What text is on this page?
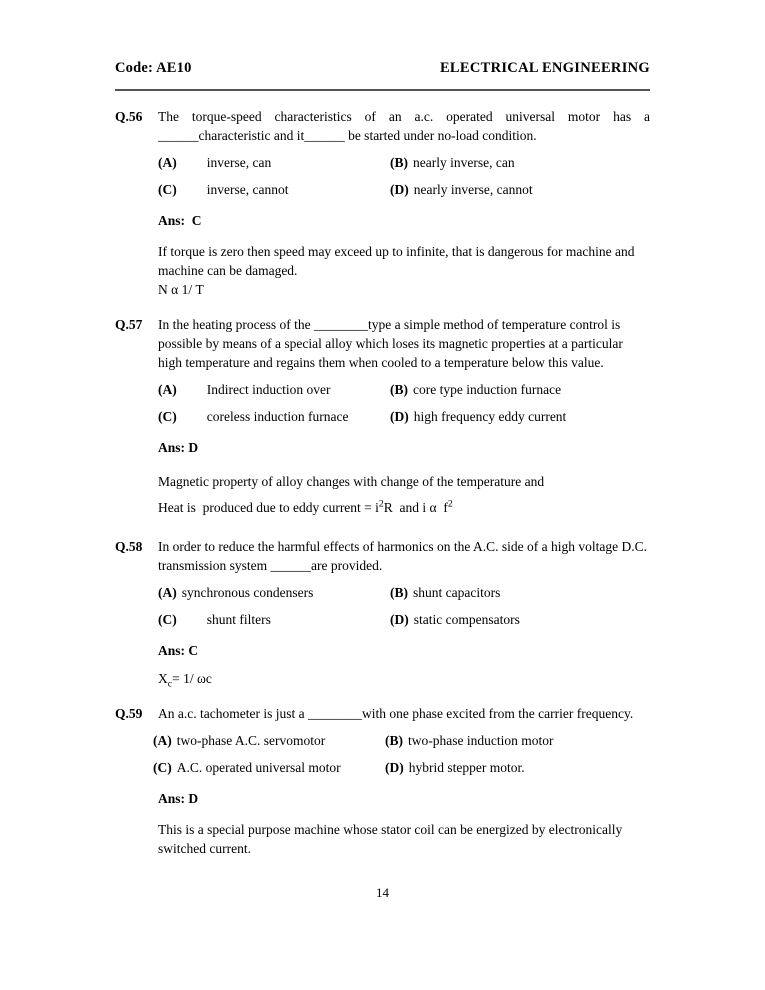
Code: AE10	ELECTRICAL ENGINEERING
Q.56	The torque-speed characteristics of an a.c. operated universal motor has a ______characteristic and it______ be started under no-load condition.
(A) inverse, can	(B) nearly inverse, can
(C) inverse, cannot	(D) nearly inverse, cannot
Ans:  C
If torque is zero then speed may exceed up to infinite, that is dangerous for machine and machine can be damaged.
N α 1/ T
Q.57	In the heating process of the ________type a simple method of temperature control is possible by means of a special alloy which loses its magnetic properties at a particular high temperature and regains them when cooled to a temperature below this value.
(A) Indirect induction over	(B) core type induction furnace
(C) coreless induction furnace	(D) high frequency eddy current
Ans: D
Magnetic property of alloy changes with change of the temperature and
Heat is  produced due to eddy current = $i^2R$  and i α  $f^2$
Q.58	In order to reduce the harmful effects of harmonics on the A.C. side of a high voltage D.C. transmission system ______are provided.
(A) synchronous condensers	(B) shunt capacitors
(C) shunt filters	(D) static compensators
Ans: C
$X_c= 1/$ ωc
Q.59	An a.c. tachometer is just a ________with one phase excited from the carrier frequency.
(A) two-phase A.C. servomotor	(B) two-phase induction motor
(C) A.C. operated universal motor	(D) hybrid stepper motor.
Ans: D
This is a special purpose machine whose stator coil can be energized by electronically switched current.
14
